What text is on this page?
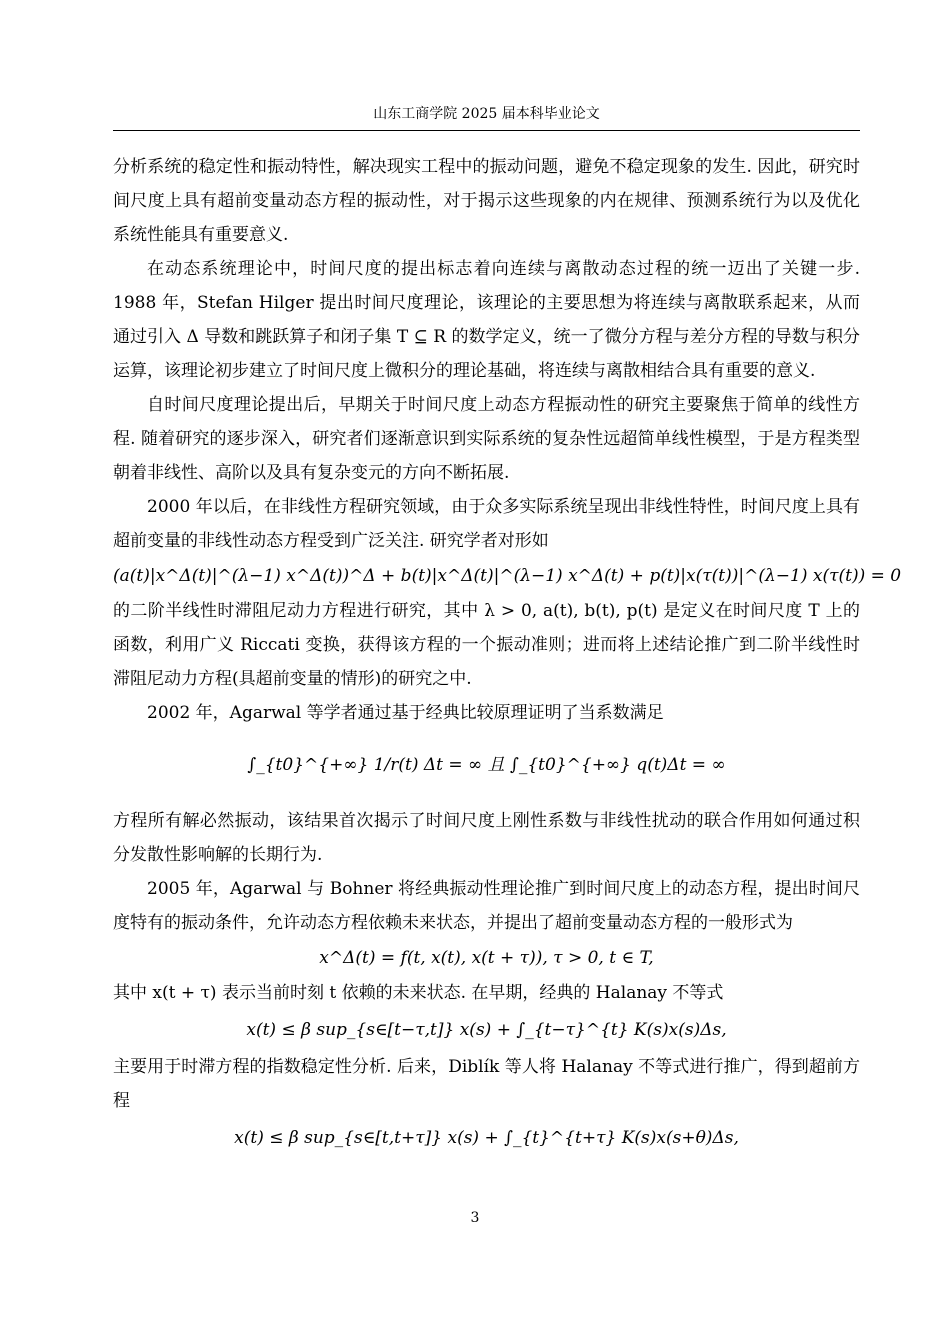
山东工商学院 2025 届本科毕业论文

分析系统的稳定性和振动特性，解决现实工程中的振动问题，避免不稳定现象的发生. 因此，研究时间尺度上具有超前变量动态方程的振动性，对于揭示这些现象的内在规律、预测系统行为以及优化系统性能具有重要意义.

在动态系统理论中，时间尺度的提出标志着向连续与离散动态过程的统一迈出了关键一步. 1988 年，Stefan Hilger 提出时间尺度理论，该理论的主要思想为将连续与离散联系起来，从而通过引入 Δ 导数和跳跃算子和闭子集 T ⊆ R 的数学定义，统一了微分方程与差分方程的导数与积分运算，该理论初步建立了时间尺度上微积分的理论基础，将连续与离散相结合具有重要的意义.

自时间尺度理论提出后，早期关于时间尺度上动态方程振动性的研究主要聚焦于简单的线性方程. 随着研究的逐步深入，研究者们逐渐意识到实际系统的复杂性远超简单线性模型，于是方程类型朝着非线性、高阶以及具有复杂变元的方向不断拓展.

2000 年以后，在非线性方程研究领域，由于众多实际系统呈现出非线性特性，时间尺度上具有超前变量的非线性动态方程受到广泛关注. 研究学者对形如

(a(t)|x^Δ(t)|^(λ−1) x^Δ(t))^Δ + b(t)|x^Δ(t)|^(λ−1) x^Δ(t) + p(t)|x(τ(t))|^(λ−1) x(τ(t)) = 0

的二阶半线性时滞阻尼动力方程进行研究，其中 λ > 0, a(t), b(t), p(t) 是定义在时间尺度 T 上的函数，利用广义 Riccati 变换，获得该方程的一个振动准则；进而将上述结论推广到二阶半线性时滞阻尼动力方程(具超前变量的情形)的研究之中.

2002 年，Agarwal 等学者通过基于经典比较原理证明了当系数满足

∫_{t0}^{+∞} 1/r(t) Δt = ∞ 且 ∫_{t0}^{+∞} q(t)Δt = ∞

方程所有解必然振动，该结果首次揭示了时间尺度上刚性系数与非线性扰动的联合作用如何通过积分发散性影响解的长期行为.

2005 年，Agarwal 与 Bohner 将经典振动性理论推广到时间尺度上的动态方程，提出时间尺度特有的振动条件，允许动态方程依赖未来状态，并提出了超前变量动态方程的一般形式为

x^Δ(t) = f(t, x(t), x(t + τ)), τ > 0, t ∈ T,

其中 x(t + τ) 表示当前时刻 t 依赖的未来状态. 在早期，经典的 Halanay 不等式

x(t) ≤ β sup_{s∈[t−τ,t]} x(s) + ∫_{t−τ}^{t} K(s)x(s)Δs,

主要用于时滞方程的指数稳定性分析. 后来，Diblík 等人将 Halanay 不等式进行推广，得到超前方程

x(t) ≤ β sup_{s∈[t,t+τ]} x(s) + ∫_{t}^{t+τ} K(s)x(s+θ)Δs,
3
